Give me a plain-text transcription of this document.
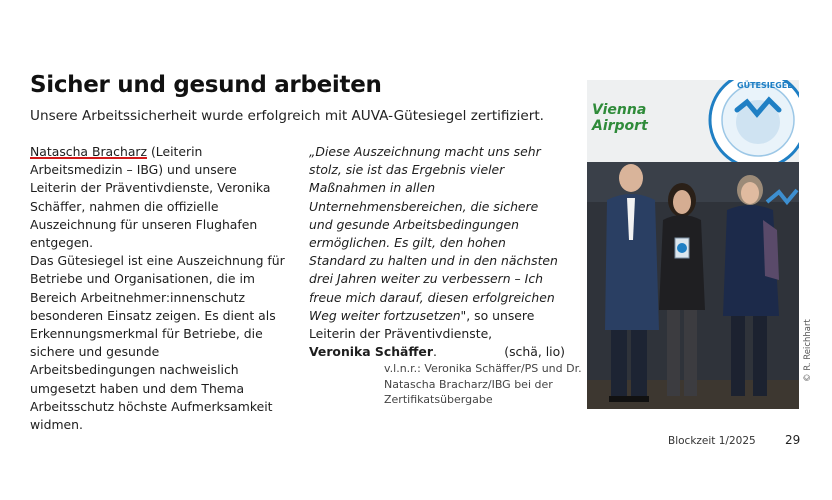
Sicher und gesund arbeiten
Unsere Arbeitssicherheit wurde erfolgreich mit AUVA-Gütesiegel zertifiziert.

Natascha Bracharz (Leiterin Arbeitsmedizin – IBG) und unsere Leiterin der Präventivdienste, Veronika Schäffer, nahmen die offizielle Auszeichnung für unseren Flughafen entgegen.

Das Gütesiegel ist eine Auszeichnung für Betriebe und Organisationen, die im Bereich Arbeitnehmer:innenschutz besonderen Einsatz zeigen. Es dient als Erkennungsmerkmal für Betriebe, die sichere und gesunde Arbeitsbedingungen nachweislich umgesetzt haben und dem Thema Arbeitsschutz höchste Aufmerksamkeit widmen.

„Diese Auszeichnung macht uns sehr stolz, sie ist das Ergebnis vieler Maßnahmen in allen Unternehmensbereichen, die sichere und gesunde Arbeitsbedingungen ermöglichen. Es gilt, den hohen Standard zu halten und in den nächsten drei Jahren weiter zu verbessern – Ich freue mich darauf, diesen erfolgreichen Weg weiter fortzusetzen", so unsere Leiterin der Präventivdienste,

Veronika Schäffer.	(schä, lio)
v.l.n.r.: Veronika Schäffer/PS und Dr. Natascha Bracharz/IBG bei der Zertifikatsübergabe
GÜTESIEGEL
Vienna
Airport
© R. Reichhart
Blockzeit 1/2025 29
